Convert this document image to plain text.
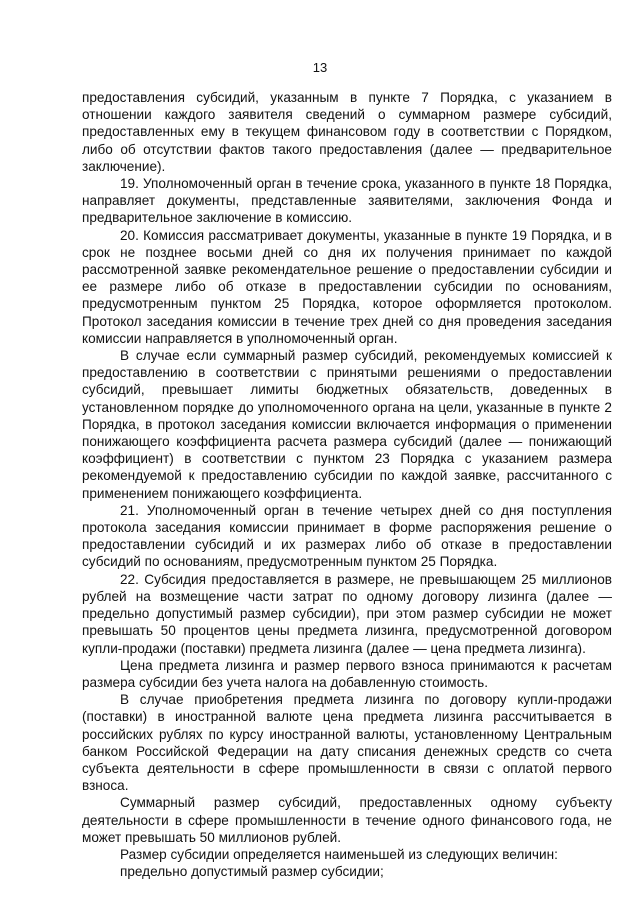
13

предоставления субсидий, указанным в пункте 7 Порядка, с указанием в отношении каждого заявителя сведений о суммарном размере субсидий, предоставленных ему в текущем финансовом году в соответствии с Порядком, либо об отсутствии фактов такого предоставления (далее — предварительное заключение).

19. Уполномоченный орган в течение срока, указанного в пункте 18 Порядка, направляет документы, представленные заявителями, заключения Фонда и предварительное заключение в комиссию.

20. Комиссия рассматривает документы, указанные в пункте 19 Порядка, и в срок не позднее восьми дней со дня их получения принимает по каждой рассмотренной заявке рекомендательное решение о предоставлении субсидии и ее размере либо об отказе в предоставлении субсидии по основаниям, предусмотренным пунктом 25 Порядка, которое оформляется протоколом. Протокол заседания комиссии в течение трех дней со дня проведения заседания комиссии направляется в уполномоченный орган.

В случае если суммарный размер субсидий, рекомендуемых комиссией к предоставлению в соответствии с принятыми решениями о предоставлении субсидий, превышает лимиты бюджетных обязательств, доведенных в установленном порядке до уполномоченного органа на цели, указанные в пункте 2 Порядка, в протокол заседания комиссии включается информация о применении понижающего коэффициента расчета размера субсидий (далее — понижающий коэффициент) в соответствии с пунктом 23 Порядка с указанием размера рекомендуемой к предоставлению субсидии по каждой заявке, рассчитанного с применением понижающего коэффициента.

21. Уполномоченный орган в течение четырех дней со дня поступления протокола заседания комиссии принимает в форме распоряжения решение о предоставлении субсидий и их размерах либо об отказе в предоставлении субсидий по основаниям, предусмотренным пунктом 25 Порядка.

22. Субсидия предоставляется в размере, не превышающем 25 миллионов рублей на возмещение части затрат по одному договору лизинга (далее — предельно допустимый размер субсидии), при этом размер субсидии не может превышать 50 процентов цены предмета лизинга, предусмотренной договором купли-продажи (поставки) предмета лизинга (далее — цена предмета лизинга).

Цена предмета лизинга и размер первого взноса принимаются к расчетам размера субсидии без учета налога на добавленную стоимость.

В случае приобретения предмета лизинга по договору купли-продажи (поставки) в иностранной валюте цена предмета лизинга рассчитывается в российских рублях по курсу иностранной валюты, установленному Центральным банком Российской Федерации на дату списания денежных средств со счета субъекта деятельности в сфере промышленности в связи с оплатой первого взноса.

Суммарный размер субсидий, предоставленных одному субъекту деятельности в сфере промышленности в течение одного финансового года, не может превышать 50 миллионов рублей.

Размер субсидии определяется наименьшей из следующих величин:

предельно допустимый размер субсидии;
